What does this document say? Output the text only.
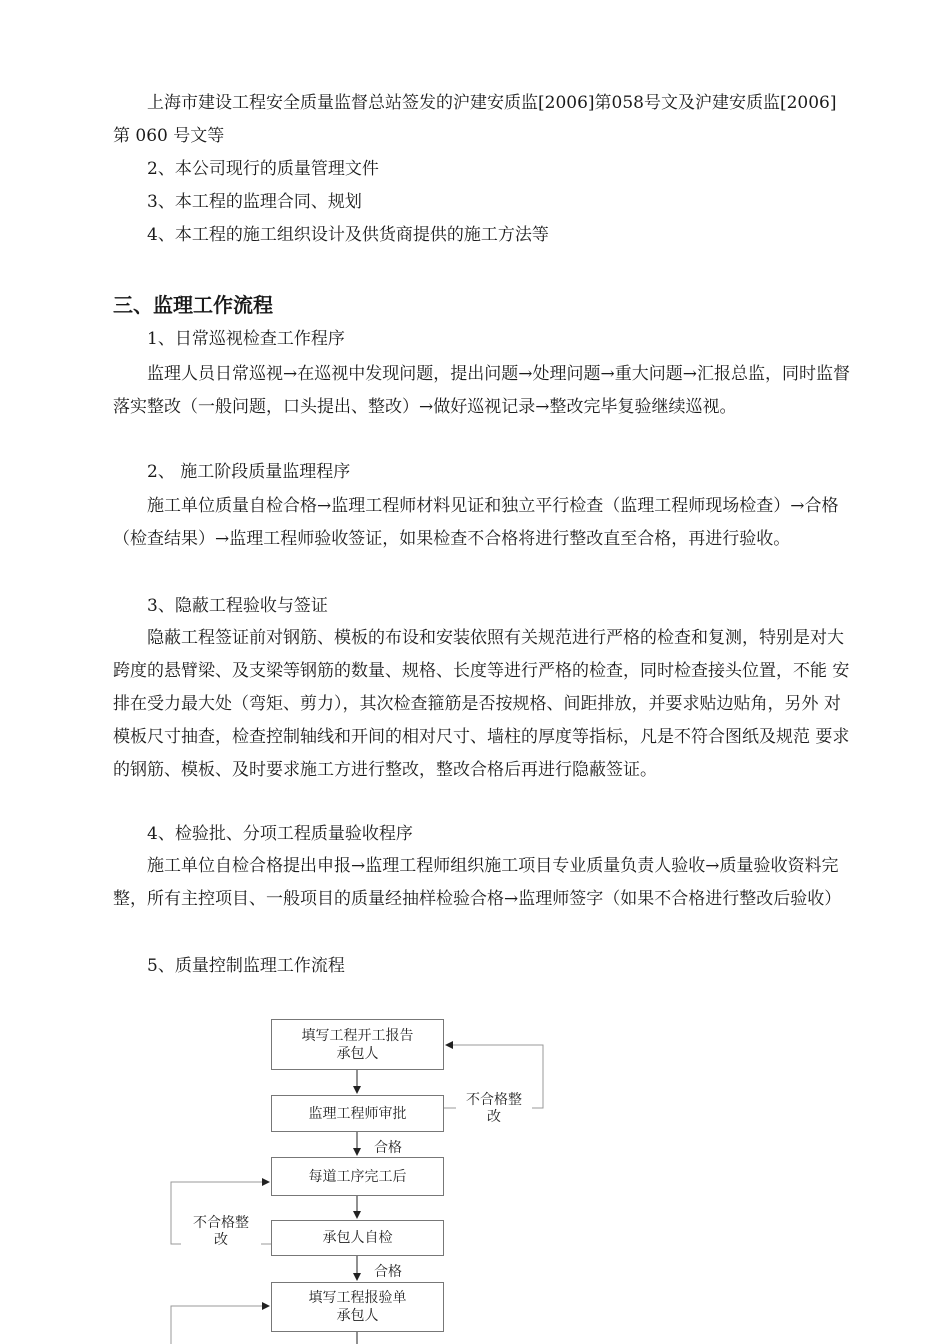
上海市建设工程安全质量监督总站签发的沪建安质监[2006]第058号文及沪建安质监[2006]第 060 号文等

2、本公司现行的质量管理文件

3、本工程的监理合同、规划

4、本工程的施工组织设计及供货商提供的施工方法等

三、监理工作流程

1、日常巡视检查工作程序

监理人员日常巡视→在巡视中发现问题，提出问题→处理问题→重大问题→汇报总监，同时监督落实整改（一般问题，口头提出、整改）→做好巡视记录→整改完毕复验继续巡视。

2、 施工阶段质量监理程序

施工单位质量自检合格→监理工程师材料见证和独立平行检查（监理工程师现场检查）→合格（检查结果）→监理工程师验收签证，如果检查不合格将进行整改直至合格，再进行验收。

3、隐蔽工程验收与签证

隐蔽工程签证前对钢筋、模板的布设和安装依照有关规范进行严格的检查和复测，特别是对大跨度的悬臂梁、及支梁等钢筋的数量、规格、长度等进行严格的检查，同时检查接头位置，不能 安排在受力最大处（弯矩、剪力），其次检查箍筋是否按规格、间距排放，并要求贴边贴角，另外 对模板尺寸抽查，检查控制轴线和开间的相对尺寸、墙柱的厚度等指标，凡是不符合图纸及规范 要求的钢筋、模板、及时要求施工方进行整改，整改合格后再进行隐蔽签证。

4、检验批、分项工程质量验收程序

施工单位自检合格提出申报→监理工程师组织施工项目专业质量负责人验收→质量验收资料完整，所有主控项目、一般项目的质量经抽样检验合格→监理师签字（如果不合格进行整改后验收）

5、质量控制监理工作流程

填写工程开工报告
承包人
监理工程师审批
每道工序完工后
承包人自检
填写工程报验单
承包人
不合格整
改
合格
不合格整
改
合格
